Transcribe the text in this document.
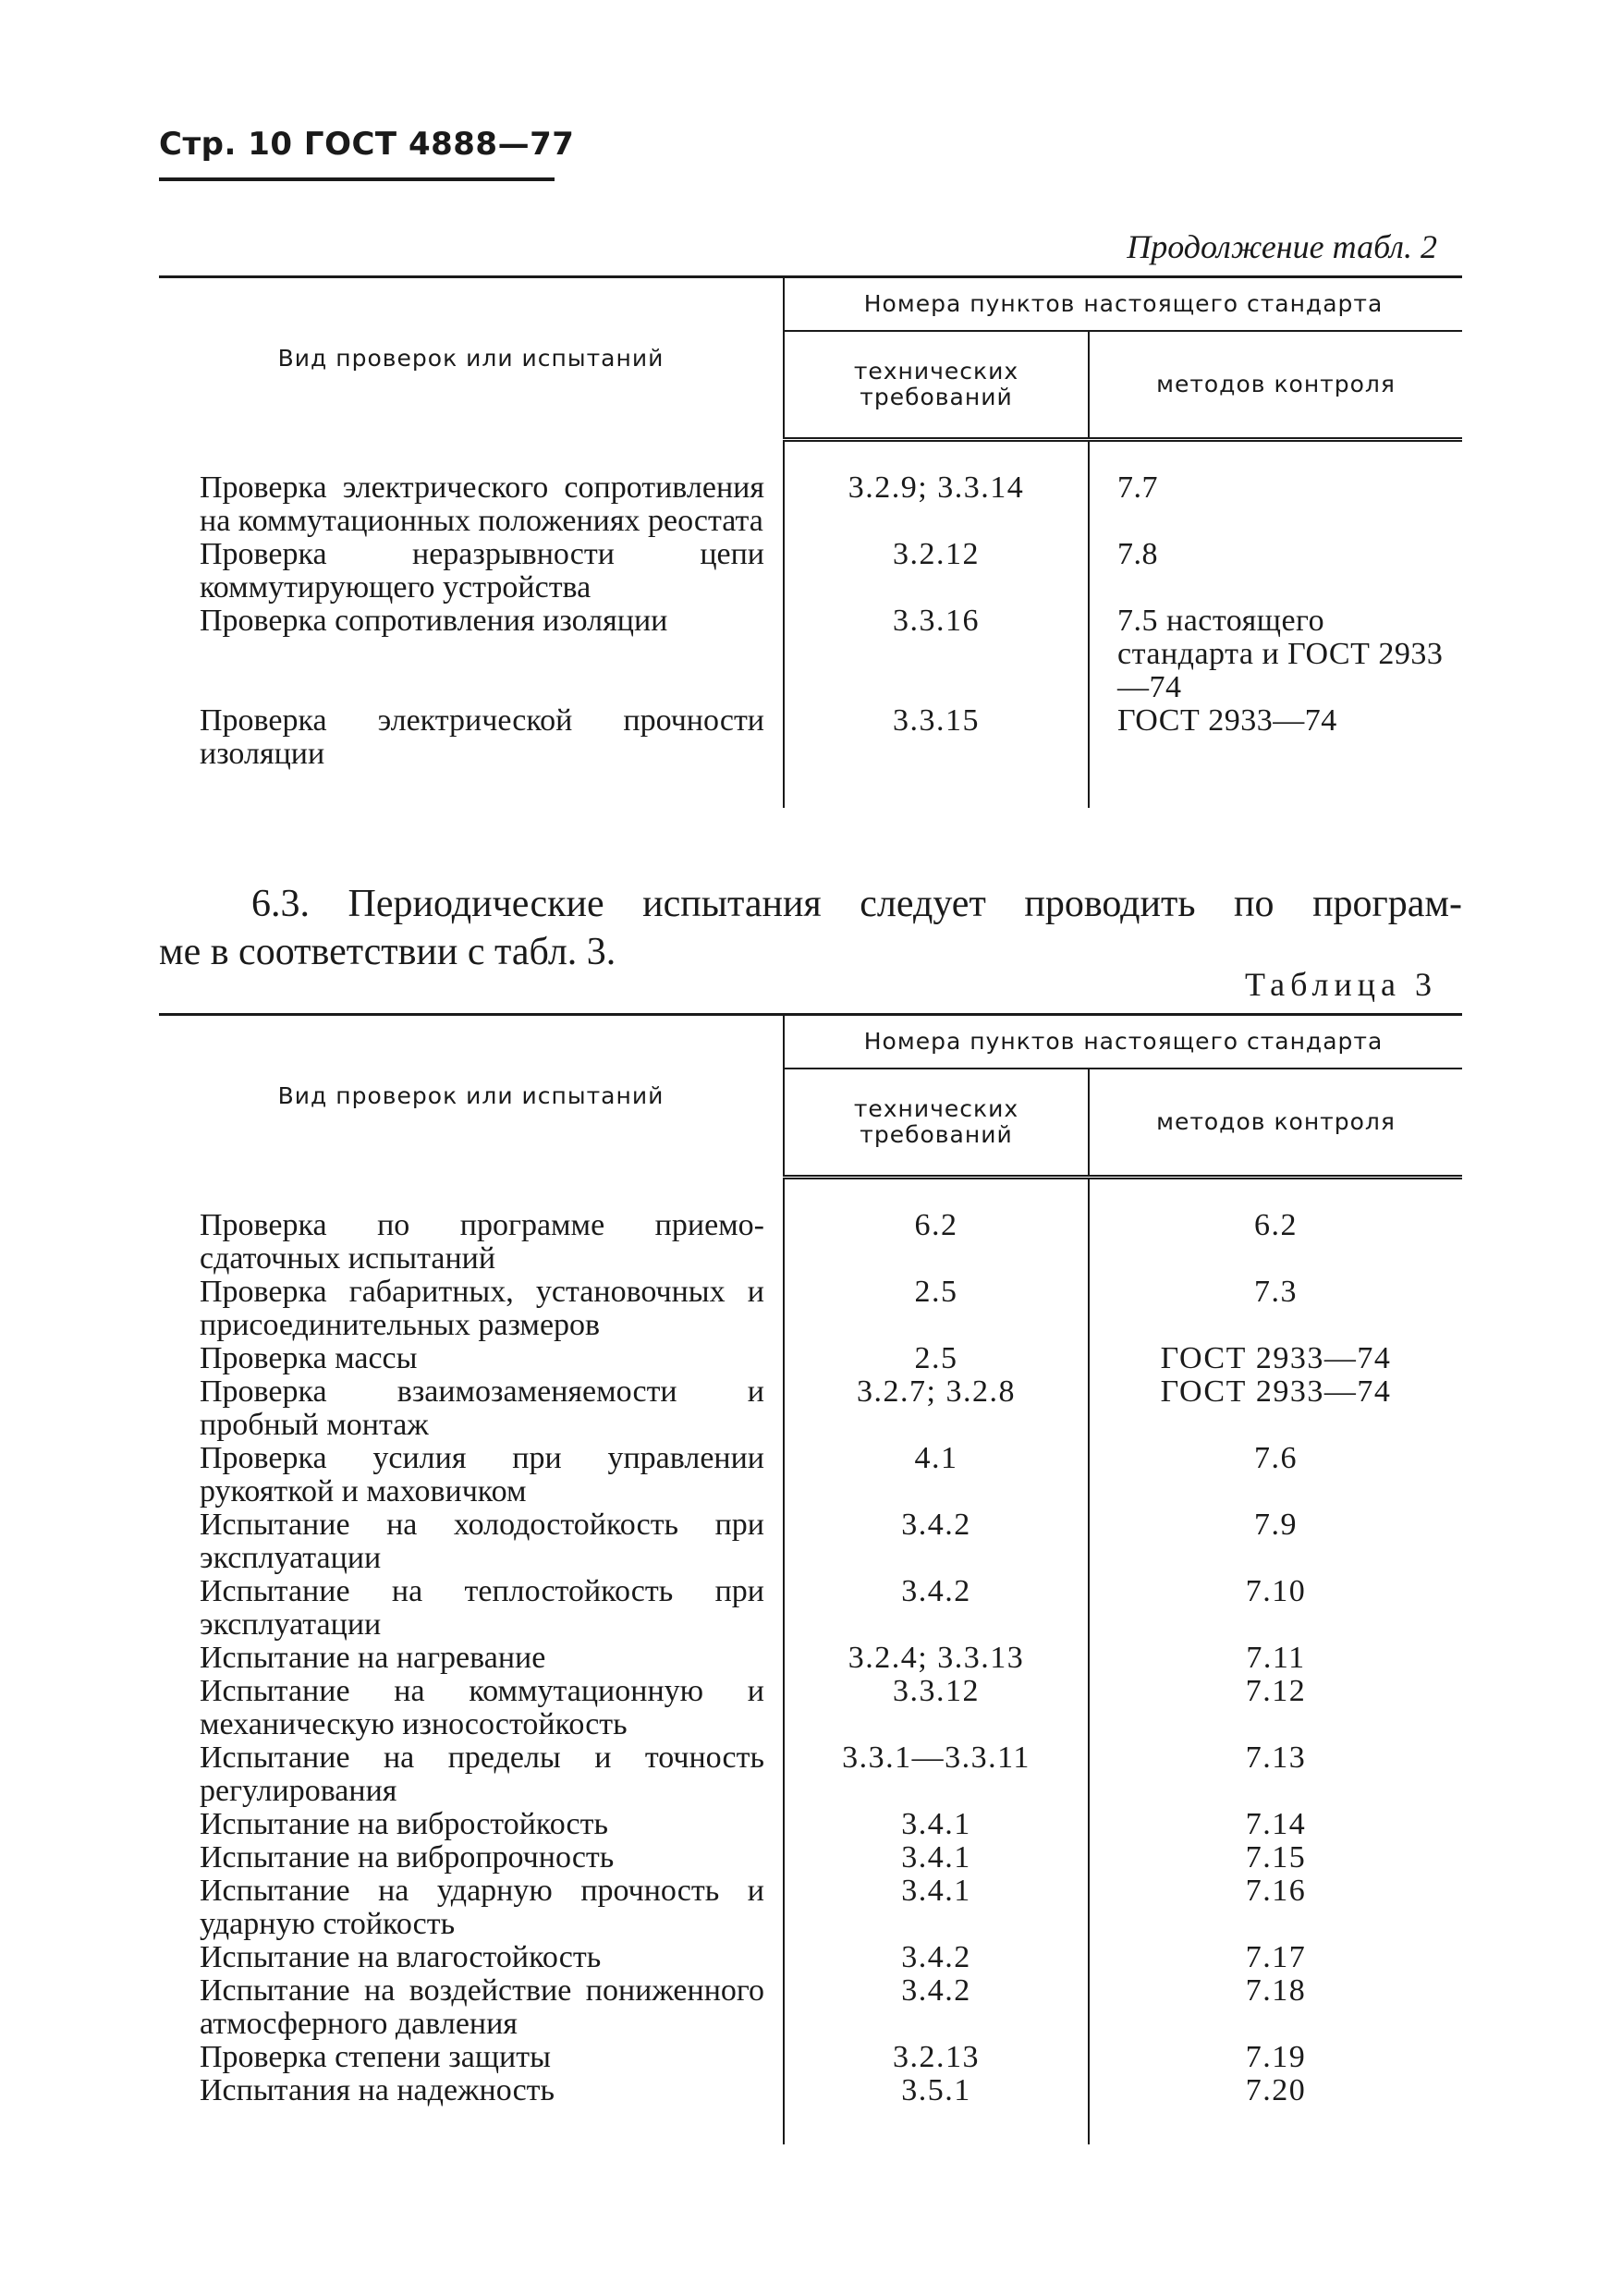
Стр. 10 ГОСТ 4888—77
Продолжение табл. 2
Вид проверок или испытаний	Номера пунктов настоящего стандарта	
	технических требований	методов контроля

Проверка электрического сопротивления на коммутационных положениях реостата	3.2.9; 3.3.14	7.7

Проверка неразрывности цепи коммутирующего устройства	3.2.12	7.8

Проверка сопротивления изоляции	3.3.16	7.5 настоящего стандарта и ГОСТ 2933—74

Проверка электрической прочности изоляции	3.3.15	ГОСТ 2933—74

6.3. Периодические испытания следует проводить по програм-
ме в соответствии с табл. 3.
Таблица 3
Вид проверок или испытаний	Номера пунктов настоящего стандарта	
	технических требований	методов контроля

Проверка по программе приемо-сдаточных испытаний	6.2	6.2

Проверка габаритных, установочных и присоединительных размеров	2.5	7.3

Проверка массы	2.5	ГОСТ 2933—74

Проверка взаимозаменяемости и пробный монтаж	3.2.7; 3.2.8	ГОСТ 2933—74

Проверка усилия при управлении рукояткой и маховичком	4.1	7.6

Испытание на холодостойкость при эксплуатации	3.4.2	7.9

Испытание на теплостойкость при эксплуатации	3.4.2	7.10

Испытание на нагревание	3.2.4; 3.3.13	7.11

Испытание на коммутационную и механическую износостойкость	3.3.12	7.12

Испытание на пределы и точность регулирования	3.3.1—3.3.11	7.13

Испытание на вибростойкость	3.4.1	7.14

Испытание на вибропрочность	3.4.1	7.15

Испытание на ударную прочность и ударную стойкость	3.4.1	7.16

Испытание на влагостойкость	3.4.2	7.17

Испытание на воздействие пониженного атмосферного давления	3.4.2	7.18

Проверка степени защиты	3.2.13	7.19

Испытания на надежность	3.5.1	7.20
